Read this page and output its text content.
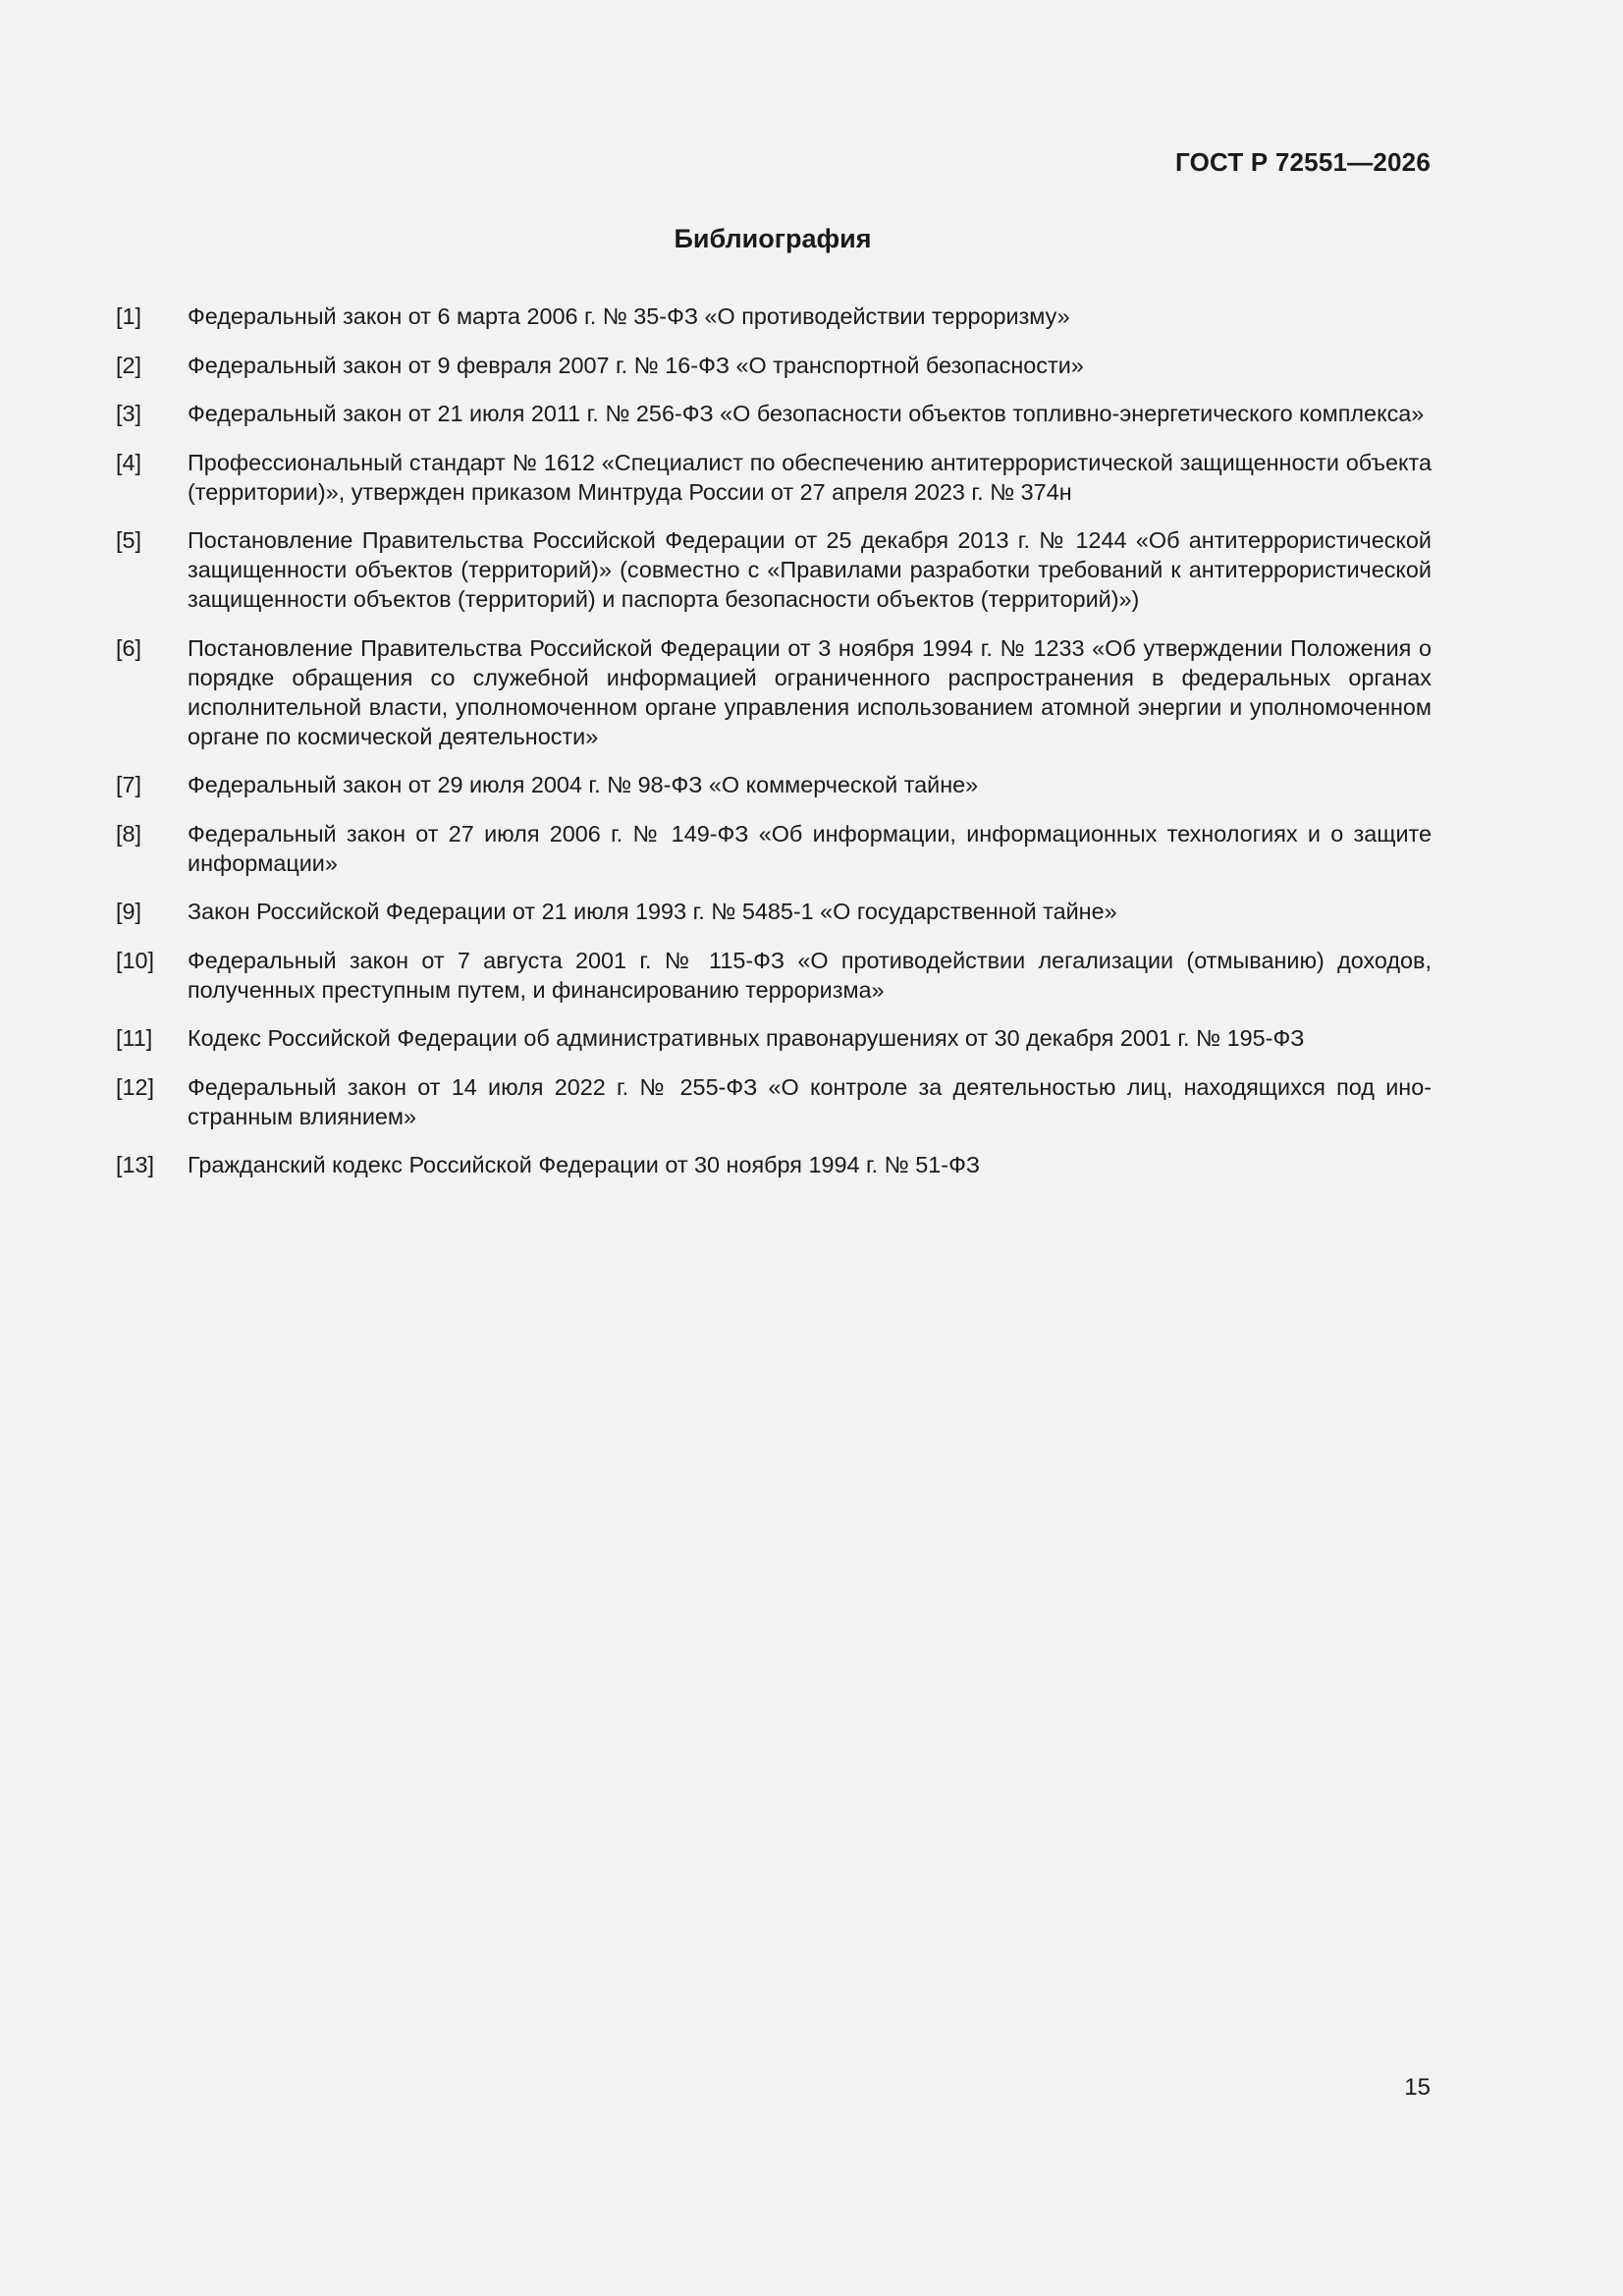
ГОСТ Р 72551—2026
Библиография
[1]	Федеральный закон от 6 марта 2006 г. № 35-ФЗ «О противодействии терроризму»
[2]	Федеральный закон от 9 февраля 2007 г. № 16-ФЗ «О транспортной безопасности»
[3]	Федеральный закон от 21 июля 2011 г. № 256-ФЗ «О безопасности объектов топливно-энергетического комплекса»
[4]	Профессиональный стандарт № 1612 «Специалист по обеспечению антитеррористической защищенности объекта (территории)», утвержден приказом Минтруда России от 27 апреля 2023 г. № 374н
[5]	Постановление Правительства Российской Федерации от 25 декабря 2013 г. № 1244 «Об антитеррористической защищенности объектов (территорий)» (совместно с «Правилами разработки требований к антитеррористической защищенности объектов (территорий) и паспорта безопасности объектов (территорий)»)
[6]	Постановление Правительства Российской Федерации от 3 ноября 1994 г. № 1233 «Об утверждении Положения о порядке обращения со служебной информацией ограниченного распространения в федеральных органах исполнительной власти, уполномоченном органе управления использованием атомной энергии и уполномоченном органе по космической деятельности»
[7]	Федеральный закон от 29 июля 2004 г. № 98-ФЗ «О коммерческой тайне»
[8]	Федеральный закон от 27 июля 2006 г. № 149-ФЗ «Об информации, информационных технологиях и о защите информации»
[9]	Закон Российской Федерации от 21 июля 1993 г. № 5485-1 «О государственной тайне»
[10]	Федеральный закон от 7 августа 2001 г. № 115-ФЗ «О противодействии легализации (отмыванию) доходов, полученных преступным путем, и финансированию терроризма»
[11]	Кодекс Российской Федерации об административных правонарушениях от 30 декабря 2001 г. № 195-ФЗ
[12]	Федеральный закон от 14 июля 2022 г. № 255-ФЗ «О контроле за деятельностью лиц, находящихся под иностранным влиянием»
[13]	Гражданский кодекс Российской Федерации от 30 ноября 1994 г. № 51-ФЗ
15
